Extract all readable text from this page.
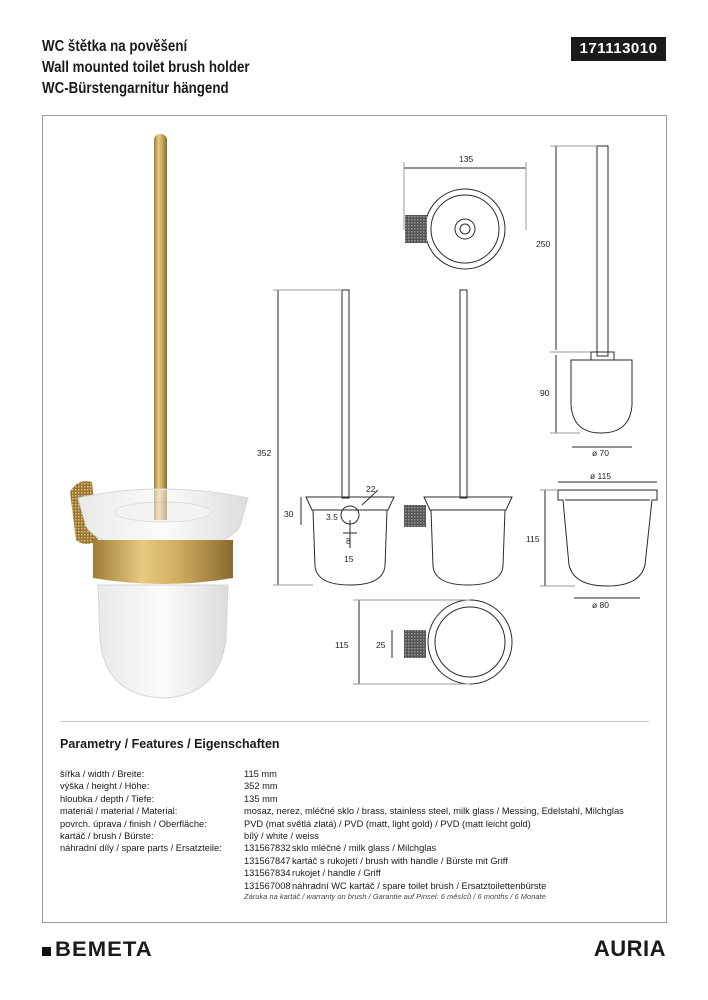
WC štětka na pověšení
Wall mounted toilet brush holder
WC-Bürstengarnitur hängend
171113010
135
250
90
ø 70
352
30	3.5
22
8
15
ø 115
115
ø 80
115	25
Parametry / Features / Eigenschaften
šířka / width / Breite:	115 mm
výška / height / Höhe:	352 mm
hloubka / depth / Tiefe:	135 mm
materiál / material / Material:	mosaz, nerez, mléčné sklo / brass, stainless steel, milk glass / Messing, Edelstahl, Milchglas
povrch. úprava / finish / Oberfläche:	PVD (mat světlá zlatá) / PVD (matt, light gold) / PVD (matt leicht gold)
kartáč / brush / Bürste:	bílý / white / weiss
náhradní díly / spare parts / Ersatzteile:	131567832 sklo mléčné / milk glass / Milchglas
131567847 kartáč s rukojetí / brush with handle / Bürste mit Griff
131567834 rukojet / handle / Griff
131567008 náhradní WC kartáč / spare toilet brush / Ersatztoilettenbürste
Záruka na kartáč / warranty on brush / Garantie auf Pinsel: 6 měsíců / 6 months / 6 Monate
BEMETA	AURIA
